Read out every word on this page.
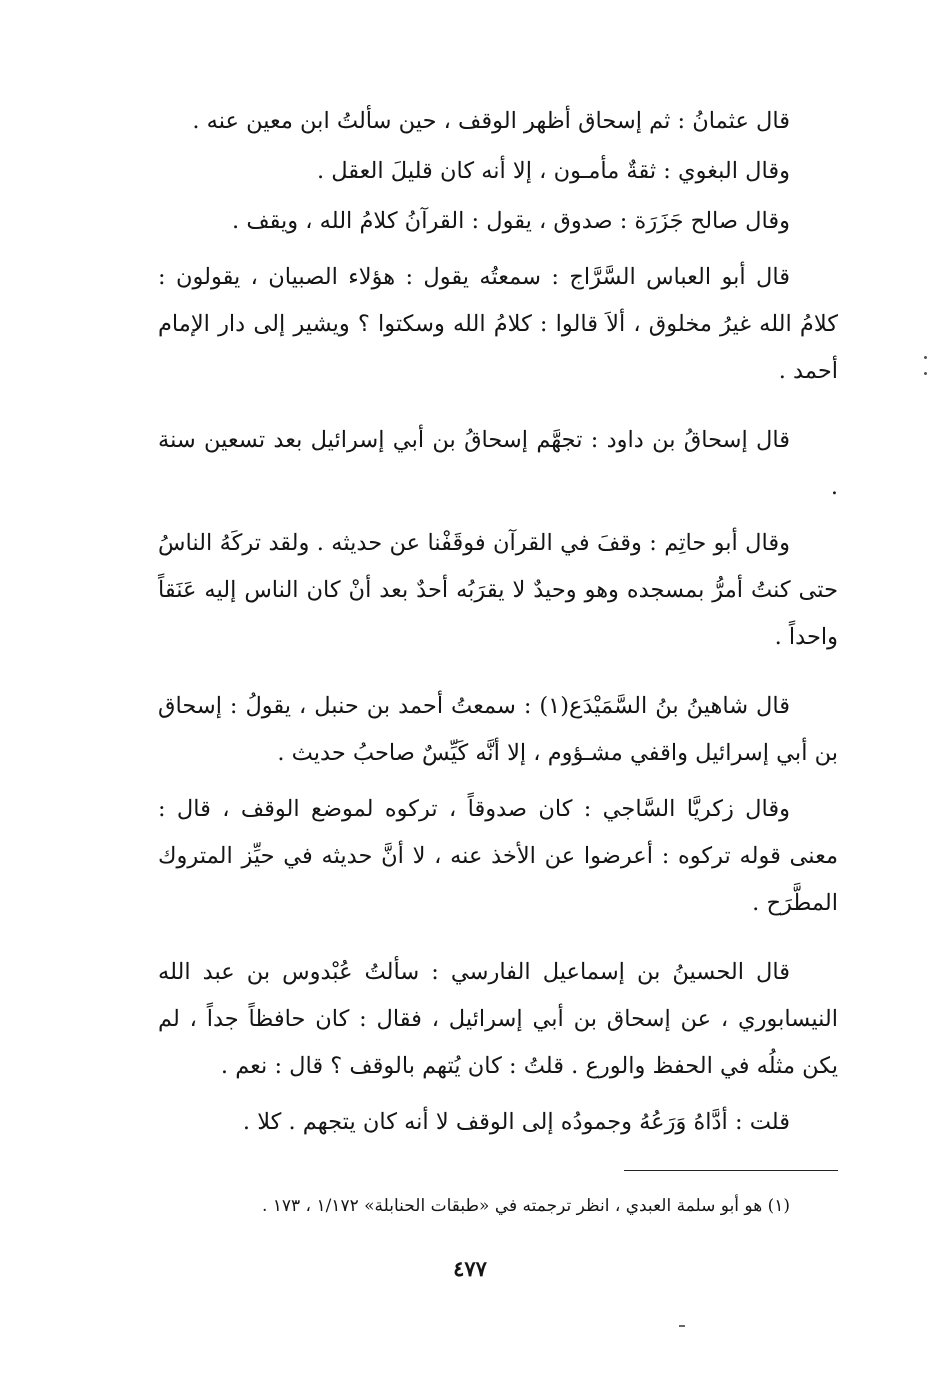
قال عثمانُ : ثم إسحاق أظهر الوقف ، حين سألتُ ابن معين عنه .

وقال البغوي : ثقةٌ مأمـون ، إلا أنه كان قليلَ العقل .

وقال صالح جَزَرَة : صدوق ، يقول : القرآنُ كلامُ الله ، ويقف .

قال أبو العباس السَّرَّاج : سمعتُه يقول : هؤلاء الصبيان ، يقولون : كلامُ الله غيرُ مخلوق ، ألاَ قالوا : كلامُ الله وسكتوا ؟ ويشير إلى دار الإمام أحمد .

قال إسحاقُ بن داود : تجهَّم إسحاقُ بن أبي إسرائيل بعد تسعين سنة .

وقال أبو حاتِم : وقفَ في القرآن فوقَفْنا عن حديثه . ولقد تركَهُ الناسُ حتى كنتُ أمرُّ بمسجده وهو وحيدٌ لا يقرَبُه أحدٌ بعد أنْ كان الناس إليه عَنَقاً واحداً .

قال شاهينُ بنُ السَّمَيْدَع(١) : سمعتُ أحمد بن حنبل ، يقولُ : إسحاق بن أبي إسرائيل واقفي مشـؤوم ، إلا أنَّه كَيِّسٌ صاحبُ حديث .

وقال زكريَّا السَّاجي : كان صدوقاً ، تركوه لموضع الوقف ، قال : معنى قوله تركوه : أعرضوا عن الأخذ عنه ، لا أنَّ حديثه في حيِّز المتروك المطَّرَح .

قال الحسينُ بن إسماعيل الفارسي : سألتُ عُبْدوس بن عبد الله النيسابوري ، عن إسحاق بن أبي إسرائيل ، فقال : كان حافظاً جداً ، لم يكن مثلُه في الحفظ والورع . قلتُ : كان يُتهم بالوقف ؟ قال : نعم .

قلت : أدَّاهُ وَرَعُهُ وجمودُه إلى الوقف لا أنه كان يتجهم . كلا .

(١) هو أبو سلمة العبدي ، انظر ترجمته في «طبقات الحنابلة» ١/١٧٢ ، ١٧٣ .
٤٧٧
